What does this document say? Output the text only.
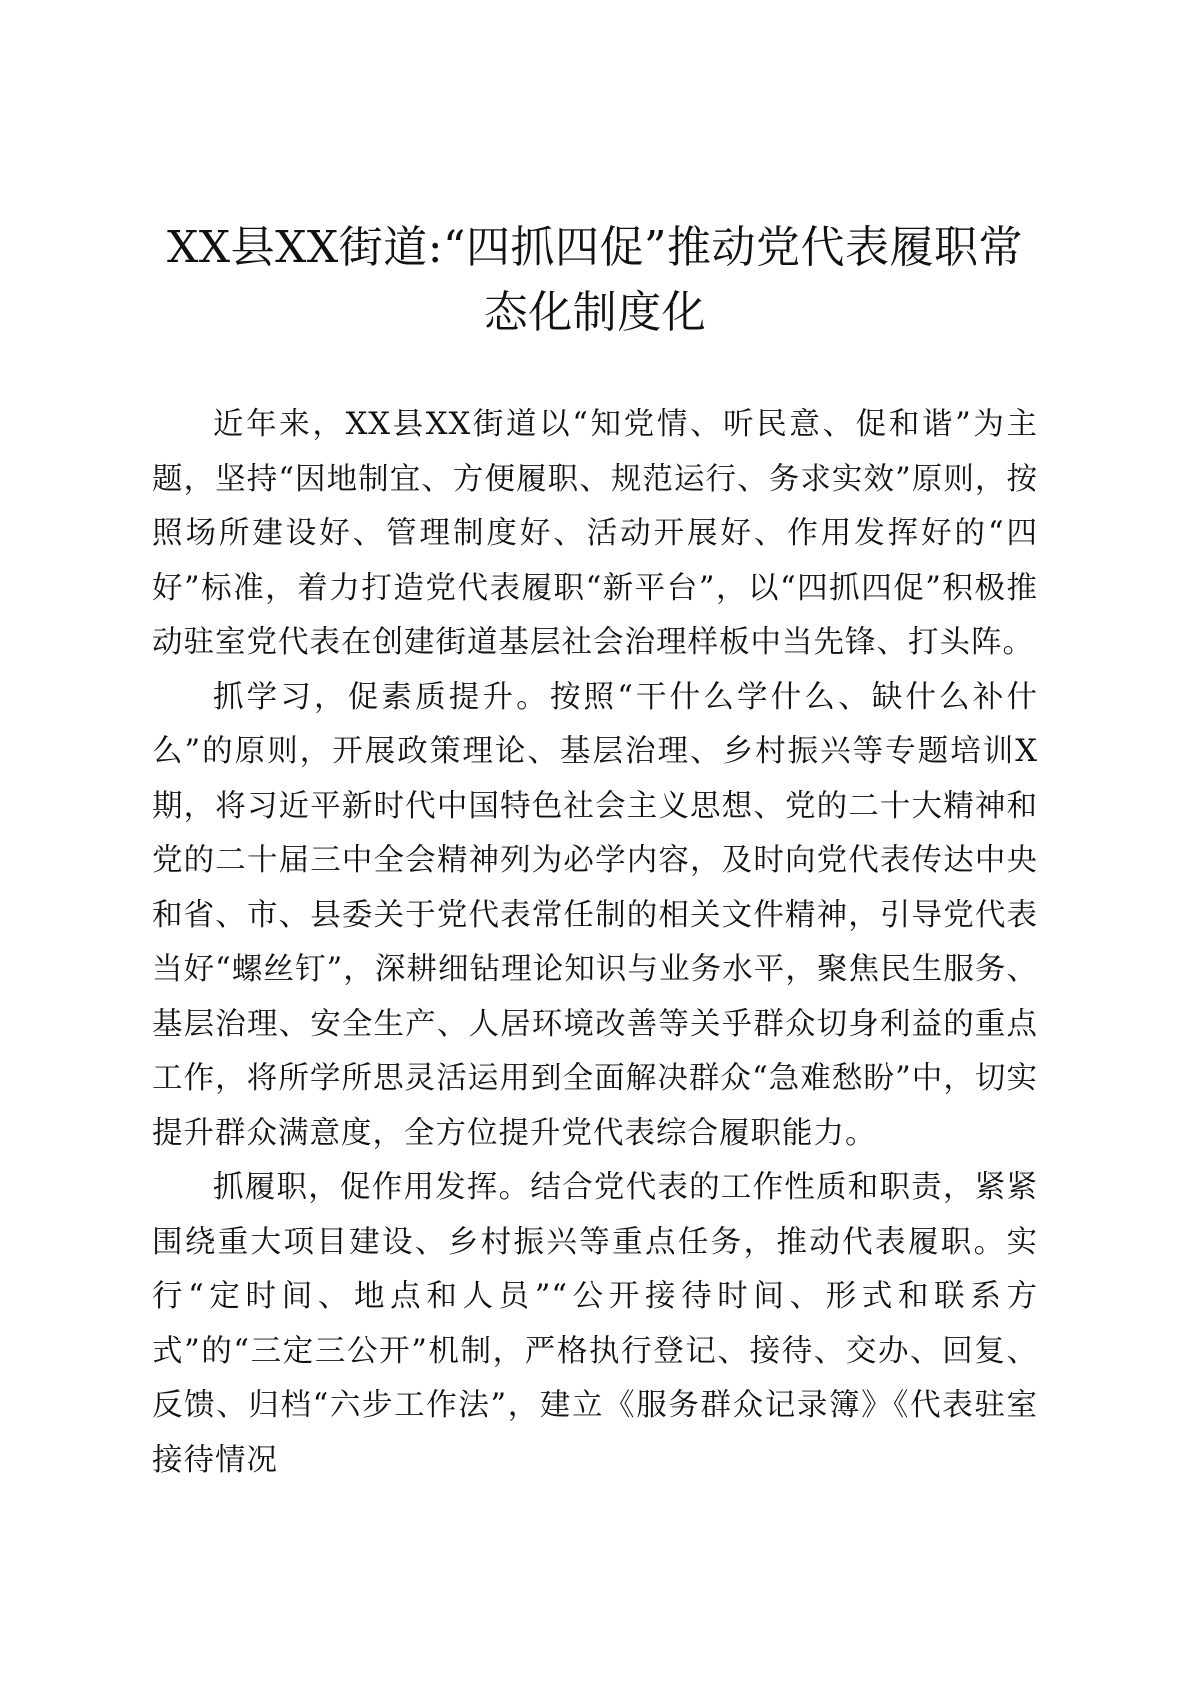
XX县XX街道:“四抓四促”推动党代表履职常态化制度化

近年来，XX县XX街道以“知党情、听民意、促和谐”为主题，坚持“因地制宜、方便履职、规范运行、务求实效”原则，按照场所建设好、管理制度好、活动开展好、作用发挥好的“四好”标准，着力打造党代表履职“新平台”，以“四抓四促”积极推动驻室党代表在创建街道基层社会治理样板中当先锋、打头阵。

抓学习，促素质提升。按照“干什么学什么、缺什么补什么”的原则，开展政策理论、基层治理、乡村振兴等专题培训X期，将习近平新时代中国特色社会主义思想、党的二十大精神和党的二十届三中全会精神列为必学内容，及时向党代表传达中央和省、市、县委关于党代表常任制的相关文件精神，引导党代表当好“螺丝钉”，深耕细钻理论知识与业务水平，聚焦民生服务、基层治理、安全生产、人居环境改善等关乎群众切身利益的重点工作，将所学所思灵活运用到全面解决群众“急难愁盼”中，切实提升群众满意度，全方位提升党代表综合履职能力。

抓履职，促作用发挥。结合党代表的工作性质和职责，紧紧围绕重大项目建设、乡村振兴等重点任务，推动代表履职。实行“定时间、地点和人员”“公开接待时间、形式和联系方式”的“三定三公开”机制，严格执行登记、接待、交办、回复、反馈、归档“六步工作法”，建立《服务群众记录簿》《代表驻室接待情况
